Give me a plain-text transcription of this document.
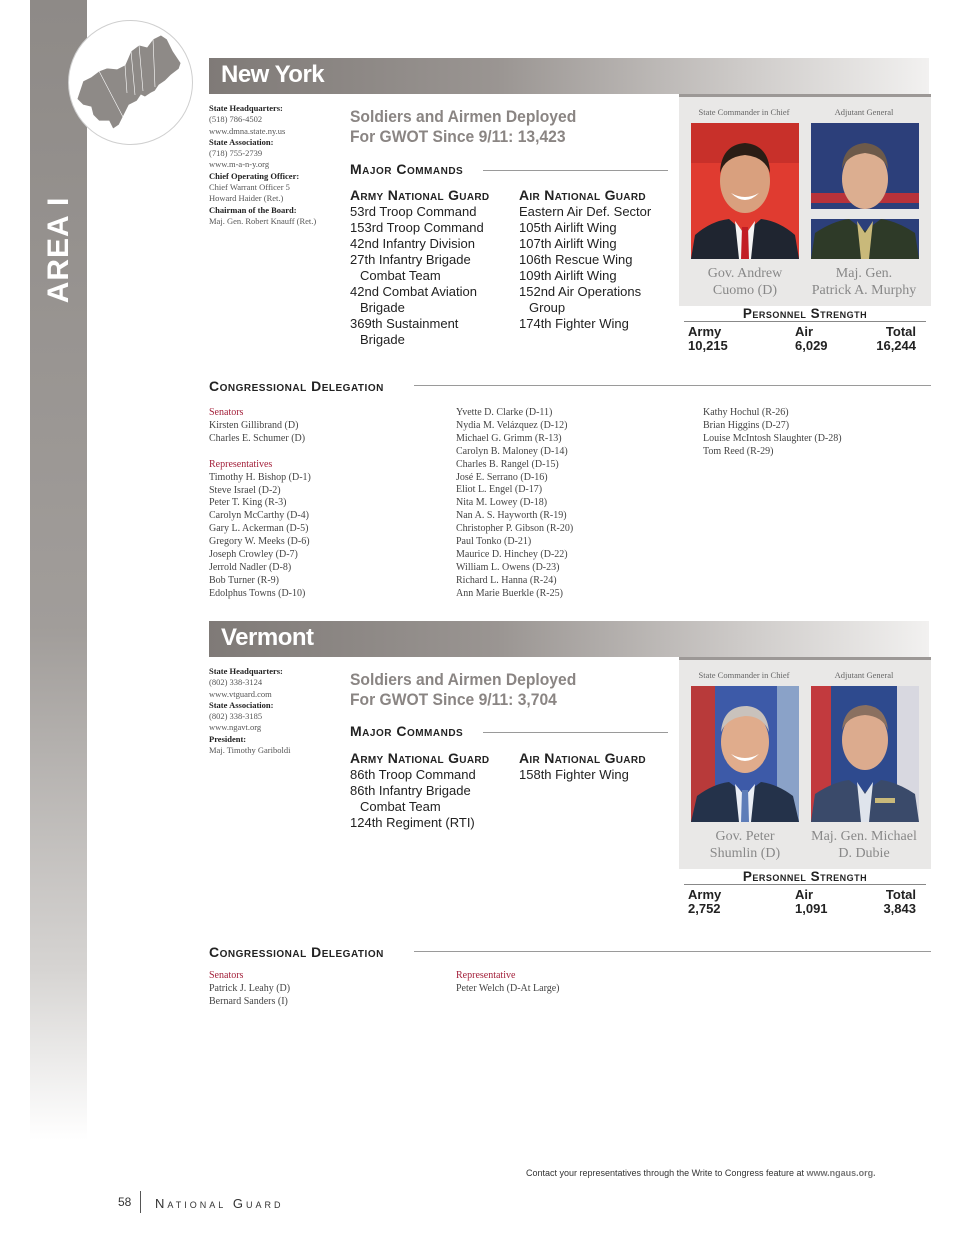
AREA I
New York
State Headquarters:
(518) 786-4502
www.dmna.state.ny.us
State Association:
(718) 755-2739
www.m-a-n-y.org
Chief Operating Officer:
Chief Warrant Officer 5
Howard Haider (Ret.)
Chairman of the Board:
Maj. Gen. Robert Knauff (Ret.)
Soldiers and Airmen Deployed
For GWOT Since 9/11: 13,423
Major Commands
Army National Guard
53rd Troop Command
153rd Troop Command
42nd Infantry Division
27th Infantry Brigade Combat Team
42nd Combat Aviation Brigade
369th Sustainment Brigade
Air National Guard
Eastern Air Def. Sector
105th Airlift Wing
107th Airlift Wing
106th Rescue Wing
109th Airlift Wing
152nd Air Operations Group
174th Fighter Wing
State Commander in Chief	Adjutant General
Gov. Andrew
Cuomo (D)
Maj. Gen.
Patrick A. Murphy
Personnel Strength
Army
10,215
Air
6,029
Total
16,244
Congressional Delegation
Senators
Kirsten Gillibrand (D)
Charles E. Schumer (D)
Representatives
Timothy H. Bishop (D-1)
Steve Israel (D-2)
Peter T. King (R-3)
Carolyn McCarthy (D-4)
Gary L. Ackerman (D-5)
Gregory W. Meeks (D-6)
Joseph Crowley (D-7)
Jerrold Nadler (D-8)
Bob Turner (R-9)
Edolphus Towns (D-10)
Yvette D. Clarke (D-11)
Nydia M. Velázquez (D-12)
Michael G. Grimm (R-13)
Carolyn B. Maloney (D-14)
Charles B. Rangel (D-15)
José E. Serrano (D-16)
Eliot L. Engel (D-17)
Nita M. Lowey (D-18)
Nan A. S. Hayworth (R-19)
Christopher P. Gibson (R-20)
Paul Tonko (D-21)
Maurice D. Hinchey (D-22)
William L. Owens (D-23)
Richard L. Hanna (R-24)
Ann Marie Buerkle (R-25)
Kathy Hochul (R-26)
Brian Higgins (D-27)
Louise McIntosh Slaughter (D-28)
Tom Reed (R-29)
Vermont
State Headquarters:
(802) 338-3124
www.vtguard.com
State Association:
(802) 338-3185
www.ngavt.org
President:
Maj. Timothy Gariboldi
Soldiers and Airmen Deployed
For GWOT Since 9/11: 3,704
Major Commands
Army National Guard
86th Troop Command
86th Infantry Brigade Combat Team
124th Regiment (RTI)
Air National Guard
158th Fighter Wing
State Commander in Chief	Adjutant General
Gov. Peter
Shumlin (D)
Maj. Gen. Michael
D. Dubie
Personnel Strength
Army
2,752
Air
1,091
Total
3,843
Congressional Delegation
Senators
Patrick J. Leahy (D)
Bernard Sanders (I)
Representative
Peter Welch (D-At Large)
Contact your representatives through the Write to Congress feature at www.ngaus.org.
58 National Guard
